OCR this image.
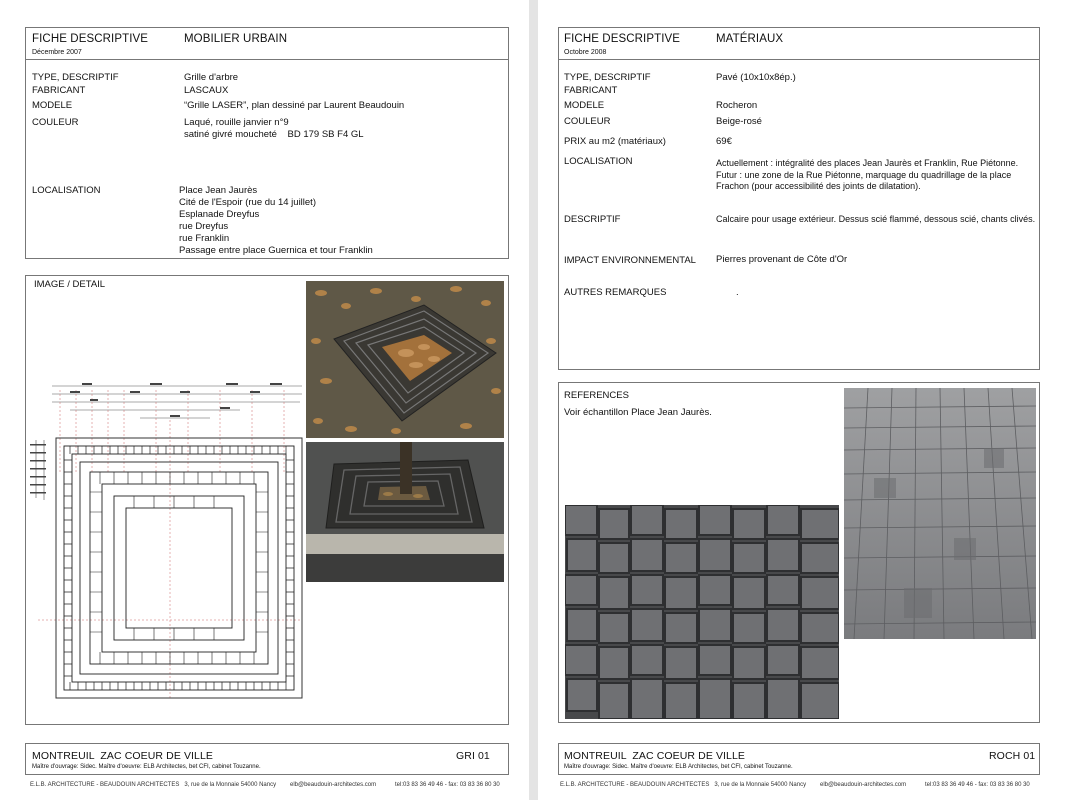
FICHE DESCRIPTIVE	MOBILIER URBAIN
Décembre 2007
TYPE, DESCRIPTIF	Grille d'arbre
FABRICANT	LASCAUX
MODELE	“Grille LASER”, plan dessiné par Laurent Beaudouin
COULEUR	Laqué, rouille janvier n°9
satiné givré moucheté    BD 179 SB F4 GL
LOCALISATION	Place Jean Jaurès
Cité de l'Espoir (rue du 14 juillet)
Esplanade Dreyfus
rue Dreyfus
rue Franklin
Passage entre place Guernica et tour Franklin
IMAGE / DETAIL
MONTREUIL  ZAC COEUR DE VILLE	GRI 01
Maître d'ouvrage: Sidec. Maître d'oeuvre: ELB Architectes, bet CFI, cabinet Touzanne.
E.L.B. ARCHITECTURE - BEAUDOUIN ARCHITECTES   3, rue de la Monnaie 54000 Nancy elb@beaudouin-architectes.com	tel:03 83 36 49 46 - fax: 03 83 36 80 30
FICHE DESCRIPTIVE	MATÉRIAUX
Octobre 2008
TYPE, DESCRIPTIF	Pavé (10x10x8ép.)
FABRICANT
MODELE	Rocheron
COULEUR	Beige-rosé
PRIX au m2 (matériaux)	69€
LOCALISATION	Actuellement : intégralité des places Jean Jaurès et Franklin, Rue Piétonne.
Futur : une zone de la Rue Piétonne, marquage du quadrillage de la place Frachon (pour accessibilité des joints de dilatation).
DESCRIPTIF	Calcaire pour usage extérieur. Dessus scié flammé, dessous scié, chants clivés.
IMPACT ENVIRONNEMENTAL Pierres provenant de Côte d'Or
AUTRES REMARQUES	.
REFERENCES
Voir échantillon Place Jean Jaurès.
MONTREUIL  ZAC COEUR DE VILLE	ROCH 01
Maître d'ouvrage: Sidec. Maître d'oeuvre: ELB Architectes, bet CFI, cabinet Touzanne.
E.L.B. ARCHITECTURE - BEAUDOUIN ARCHITECTES   3, rue de la Monnaie 54000 Nancy elb@beaudouin-architectes.com	tel:03 83 36 49 46 - fax: 03 83 36 80 30
